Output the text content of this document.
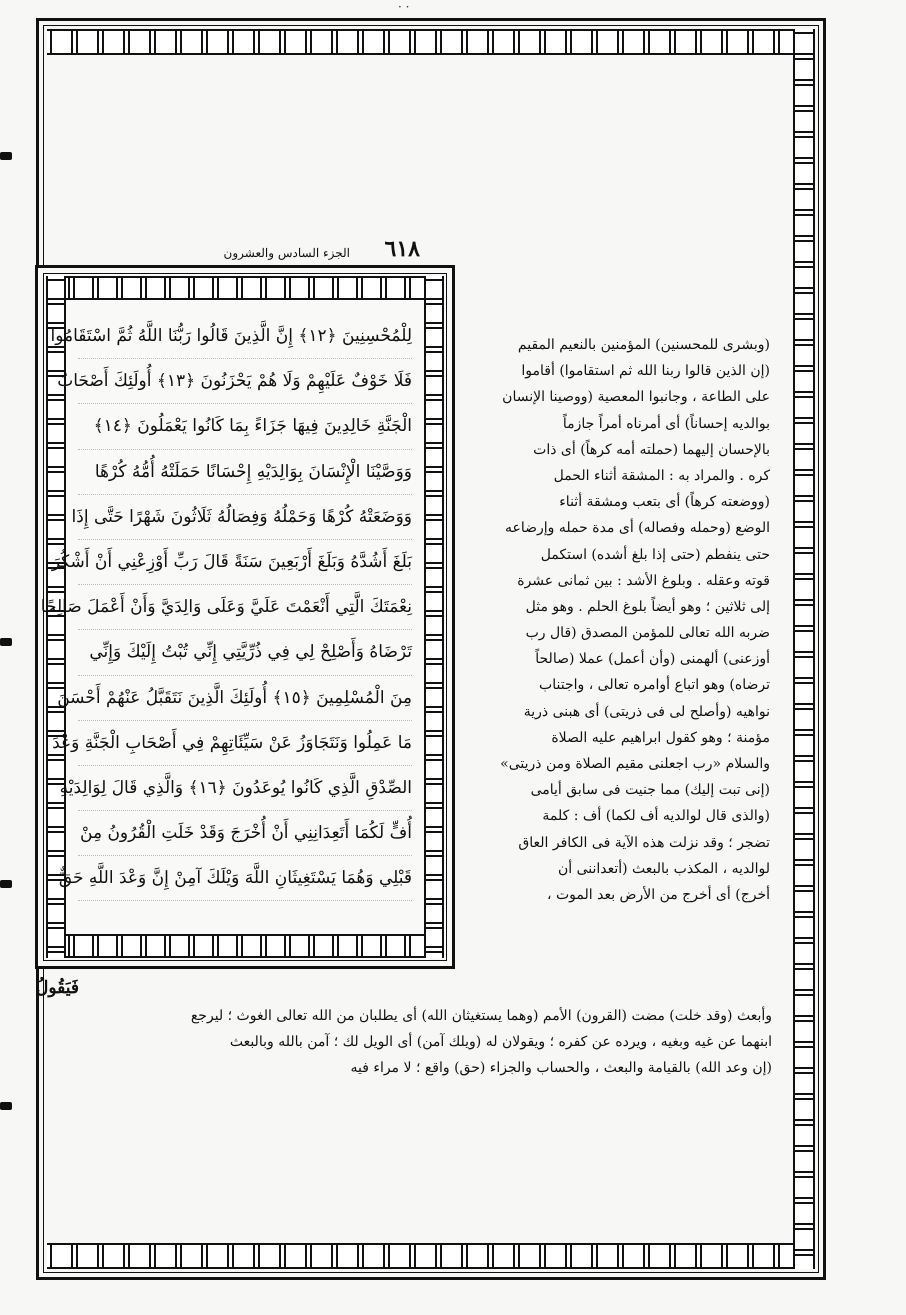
· ·
٦١٨
الجزء السادس والعشرون
لِلْمُحْسِنِينَ ﴿١٢﴾ إِنَّ الَّذِينَ قَالُوا رَبُّنَا اللَّهُ ثُمَّ اسْتَقَامُوا
فَلَا خَوْفٌ عَلَيْهِمْ وَلَا هُمْ يَحْزَنُونَ ﴿١٣﴾ أُولَئِكَ أَصْحَابُ
الْجَنَّةِ خَالِدِينَ فِيهَا جَزَاءً بِمَا كَانُوا يَعْمَلُونَ ﴿١٤﴾
وَوَصَّيْنَا الْإِنْسَانَ بِوَالِدَيْهِ إِحْسَانًا حَمَلَتْهُ أُمُّهُ كُرْهًا
وَوَضَعَتْهُ كُرْهًا وَحَمْلُهُ وَفِصَالُهُ ثَلَاثُونَ شَهْرًا حَتَّى إِذَا
بَلَغَ أَشُدَّهُ وَبَلَغَ أَرْبَعِينَ سَنَةً قَالَ رَبِّ أَوْزِعْنِي أَنْ أَشْكُرَ
نِعْمَتَكَ الَّتِي أَنْعَمْتَ عَلَيَّ وَعَلَى وَالِدَيَّ وَأَنْ أَعْمَلَ صَالِحًا
تَرْضَاهُ وَأَصْلِحْ لِي فِي ذُرِّيَّتِي إِنِّي تُبْتُ إِلَيْكَ وَإِنِّي
مِنَ الْمُسْلِمِينَ ﴿١٥﴾ أُولَئِكَ الَّذِينَ نَتَقَبَّلُ عَنْهُمْ أَحْسَنَ
مَا عَمِلُوا وَنَتَجَاوَزُ عَنْ سَيِّئَاتِهِمْ فِي أَصْحَابِ الْجَنَّةِ وَعْدَ
الصِّدْقِ الَّذِي كَانُوا يُوعَدُونَ ﴿١٦﴾ وَالَّذِي قَالَ لِوَالِدَيْهِ
أُفٍّ لَكُمَا أَتَعِدَانِنِي أَنْ أُخْرَجَ وَقَدْ خَلَتِ الْقُرُونُ مِنْ
قَبْلِي وَهُمَا يَسْتَغِيثَانِ اللَّهَ وَيْلَكَ آمِنْ إِنَّ وَعْدَ اللَّهِ حَقٌّ
فَيَقُولُ
(وبشرى للمحسنين) المؤمنين بالنعيم المقيم
(إن الذين قالوا ربنا الله ثم استقاموا) أقاموا
على الطاعة ، وجانبوا المعصية (ووصينا الإنسان
بوالديه إحساناً) أى أمرناه أمراً جازماً
بالإحسان إليهما (حملته أمه كرهاً) أى ذات
كره . والمراد به : المشقة أثناء الحمل
(ووضعته كرهاً) أى بتعب ومشقة أثناء
الوضع (وحمله وفصاله) أى مدة حمله وإرضاعه
حتى ينفطم (حتى إذا بلغ أشده) استكمل
قوته وعقله . وبلوغ الأشد : بين ثمانى عشرة
إلى ثلاثين ؛ وهو أيضاً بلوغ الحلم . وهو مثل
ضربه الله تعالى للمؤمن المصدق (قال رب
أوزعنى) ألهمنى (وأن أعمل) عملا (صالحاً
ترضاه) وهو اتباع أوامره تعالى ، واجتناب
نواهيه (وأصلح لى فى ذريتى) أى هبنى ذرية
مؤمنة ؛ وهو كقول ابراهيم عليه الصلاة
والسلام «رب اجعلنى مقيم الصلاة ومن ذريتى»
(إنى تبت إليك) مما جنيت فى سابق أيامى
(والذى قال لوالديه أف لكما) أف : كلمة
تضجر ؛ وقد نزلت هذه الآية فى الكافر العاق
لوالديه ، المكذب بالبعث (أتعداننى أن
أخرج) أى أخرج من الأرض بعد الموت ،
وأبعث (وقد خلت) مضت (القرون) الأمم (وهما يستغيثان الله) أى يطلبان من الله تعالى الغوث ؛ ليرجع
ابنهما عن غيه وبغيه ، ويرده عن كفره ؛ ويقولان له (ويلك آمن) أى الويل لك ؛ آمن بالله وبالبعث
(إن وعد الله) بالقيامة والبعث ، والحساب والجزاء (حق) واقع ؛ لا مراء فيه
